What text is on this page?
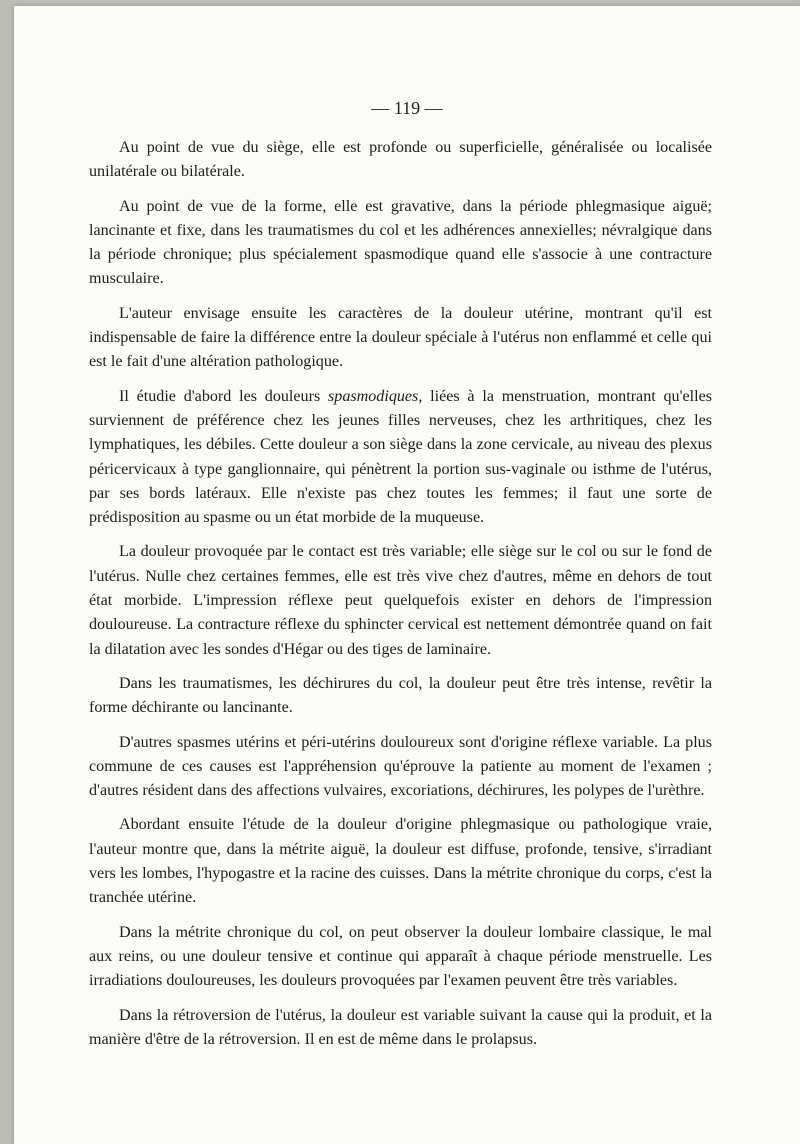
— 119 —

Au point de vue du siège, elle est profonde ou superficielle, généralisée ou localisée unilatérale ou bilatérale.

Au point de vue de la forme, elle est gravative, dans la période phlegmasique aiguë; lancinante et fixe, dans les traumatismes du col et les adhérences annexielles; névralgique dans la période chronique; plus spécialement spasmodique quand elle s'associe à une contracture musculaire.

L'auteur envisage ensuite les caractères de la douleur utérine, montrant qu'il est indispensable de faire la différence entre la douleur spéciale à l'utérus non enflammé et celle qui est le fait d'une altération pathologique.

Il étudie d'abord les douleurs spasmodiques, liées à la menstruation, montrant qu'elles surviennent de préférence chez les jeunes filles nerveuses, chez les arthritiques, chez les lymphatiques, les débiles. Cette douleur a son siège dans la zone cervicale, au niveau des plexus péricervicaux à type ganglionnaire, qui pénètrent la portion sus-vaginale ou isthme de l'utérus, par ses bords latéraux. Elle n'existe pas chez toutes les femmes; il faut une sorte de prédisposition au spasme ou un état morbide de la muqueuse.

La douleur provoquée par le contact est très variable; elle siège sur le col ou sur le fond de l'utérus. Nulle chez certaines femmes, elle est très vive chez d'autres, même en dehors de tout état morbide. L'impression réflexe peut quelquefois exister en dehors de l'impression douloureuse. La contracture réflexe du sphincter cervical est nettement démontrée quand on fait la dilatation avec les sondes d'Hégar ou des tiges de laminaire.

Dans les traumatismes, les déchirures du col, la douleur peut être très intense, revêtir la forme déchirante ou lancinante.

D'autres spasmes utérins et péri-utérins douloureux sont d'origine réflexe variable. La plus commune de ces causes est l'appréhension qu'éprouve la patiente au moment de l'examen ; d'autres résident dans des affections vulvaires, excoriations, déchirures, les polypes de l'urèthre.

Abordant ensuite l'étude de la douleur d'origine phlegmasique ou pathologique vraie, l'auteur montre que, dans la métrite aiguë, la douleur est diffuse, profonde, tensive, s'irradiant vers les lombes, l'hypogastre et la racine des cuisses. Dans la métrite chronique du corps, c'est la tranchée utérine.

Dans la métrite chronique du col, on peut observer la douleur lombaire classique, le mal aux reins, ou une douleur tensive et continue qui apparaît à chaque période menstruelle. Les irradiations douloureuses, les douleurs provoquées par l'examen peuvent être très variables.

Dans la rétroversion de l'utérus, la douleur est variable suivant la cause qui la produit, et la manière d'être de la rétroversion. Il en est de même dans le prolapsus.
